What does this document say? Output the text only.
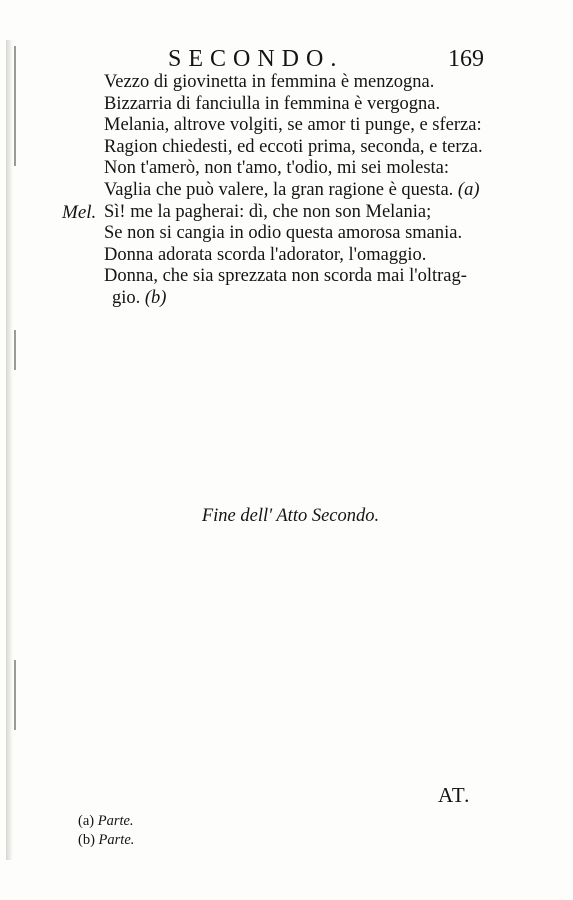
SECONDO.	169
Vezzo di giovinetta in femmina è menzogna.
Bizzarria di fanciulla in femmina è vergogna.
Melania, altrove volgiti, se amor ti punge, e sferza:
Ragion chiedesti, ed eccoti prima, seconda, e terza.
Non t'amerò, non t'amo, t'odio, mi sei molesta:
Vaglia che può valere, la gran ragione è questa. (a)
Mel. Sì! me la pagherai: dì, che non son Melania;
Se non si cangia in odio questa amorosa smania.
Donna adorata scorda l'adorator, l'omaggio.
Donna, che sia sprezzata non scorda mai l'oltrag-
gio. (b)
Fine dell' Atto Secondo.
AT.
(a) Parte.
(b) Parte.
